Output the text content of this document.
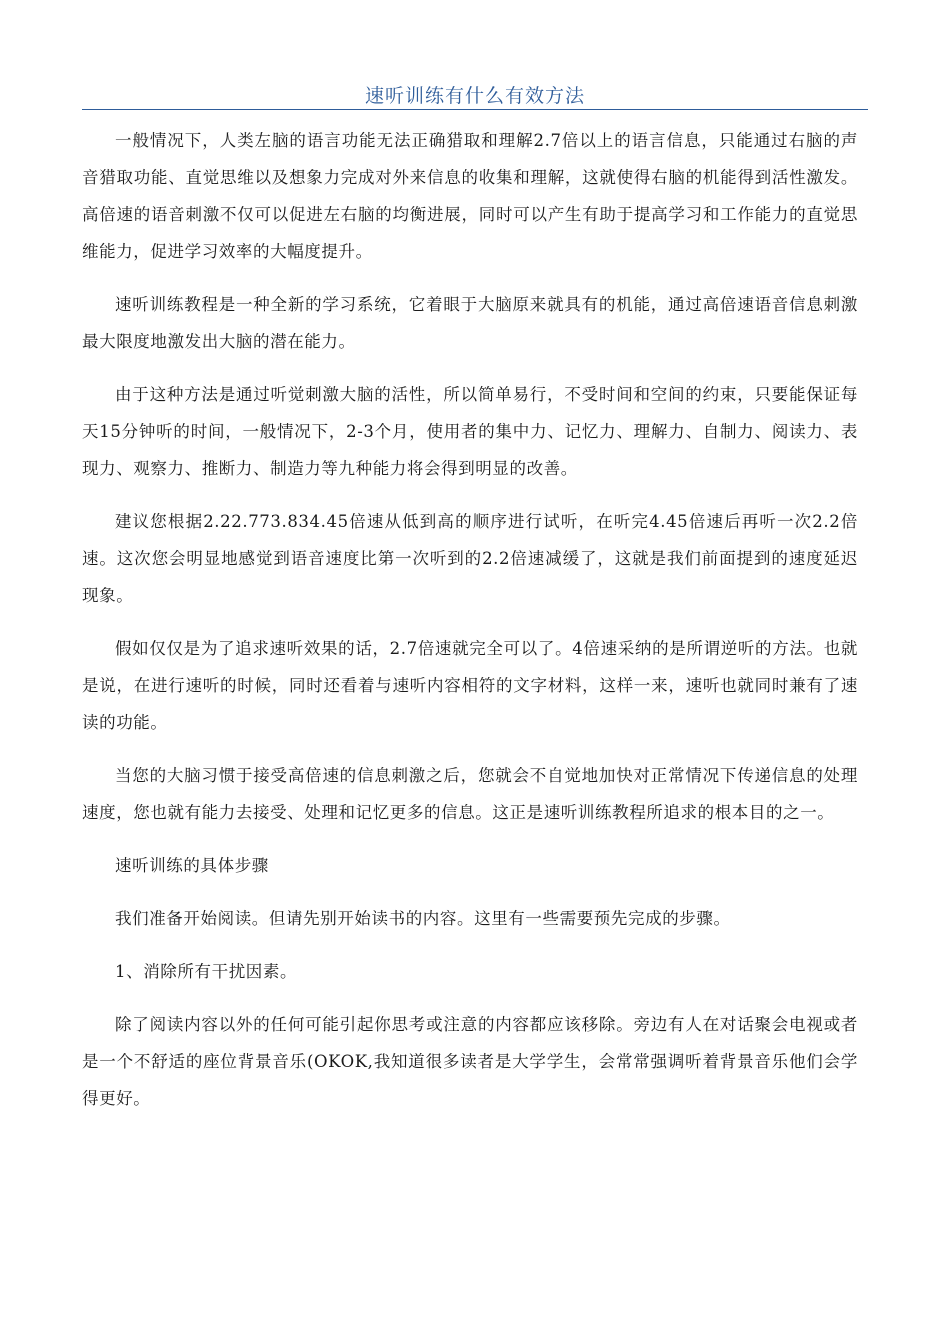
速听训练有什么有效方法

一般情况下，人类左脑的语言功能无法正确猎取和理解2.7倍以上的语言信息，只能通过右脑的声音猎取功能、直觉思维以及想象力完成对外来信息的收集和理解，这就使得右脑的机能得到活性激发。高倍速的语音刺激不仅可以促进左右脑的均衡进展，同时可以产生有助于提高学习和工作能力的直觉思维能力，促进学习效率的大幅度提升。

速听训练教程是一种全新的学习系统，它着眼于大脑原来就具有的机能，通过高倍速语音信息刺激最大限度地激发出大脑的潜在能力。

由于这种方法是通过听觉刺激大脑的活性，所以简单易行，不受时间和空间的约束，只要能保证每天15分钟听的时间，一般情况下，2-3个月，使用者的集中力、记忆力、理解力、自制力、阅读力、表现力、观察力、推断力、制造力等九种能力将会得到明显的改善。

建议您根据2.22.773.834.45倍速从低到高的顺序进行试听，在听完4.45倍速后再听一次2.2倍速。这次您会明显地感觉到语音速度比第一次听到的2.2倍速减缓了，这就是我们前面提到的速度延迟现象。

假如仅仅是为了追求速听效果的话，2.7倍速就完全可以了。4倍速采纳的是所谓逆听的方法。也就是说，在进行速听的时候，同时还看着与速听内容相符的文字材料，这样一来，速听也就同时兼有了速读的功能。

当您的大脑习惯于接受高倍速的信息刺激之后，您就会不自觉地加快对正常情况下传递信息的处理速度，您也就有能力去接受、处理和记忆更多的信息。这正是速听训练教程所追求的根本目的之一。

速听训练的具体步骤

我们准备开始阅读。但请先别开始读书的内容。这里有一些需要预先完成的步骤。

1、消除所有干扰因素。

除了阅读内容以外的任何可能引起你思考或注意的内容都应该移除。旁边有人在对话聚会电视或者是一个不舒适的座位背景音乐(OKOK,我知道很多读者是大学学生，会常常强调听着背景音乐他们会学得更好。
